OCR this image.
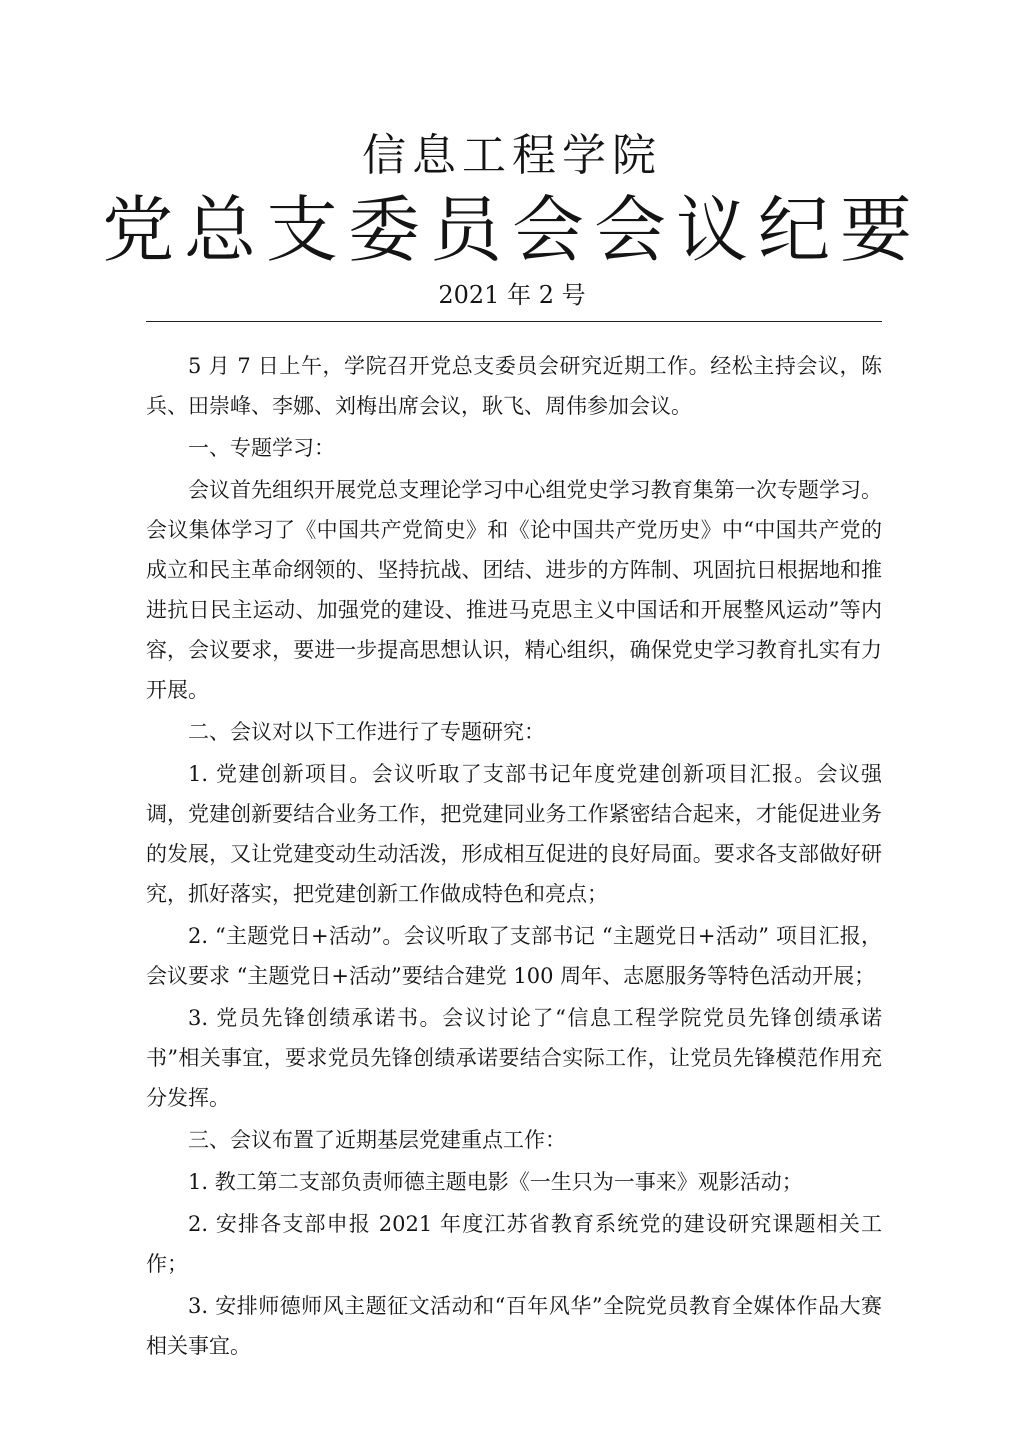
信息工程学院
党总支委员会会议纪要
2021 年 2 号

5 月 7 日上午，学院召开党总支委员会研究近期工作。经松主持会议，陈兵、田崇峰、李娜、刘梅出席会议，耿飞、周伟参加会议。

一、专题学习：

会议首先组织开展党总支理论学习中心组党史学习教育集第一次专题学习。会议集体学习了《中国共产党简史》和《论中国共产党历史》中“中国共产党的成立和民主革命纲领的、坚持抗战、团结、进步的方阵制、巩固抗日根据地和推进抗日民主运动、加强党的建设、推进马克思主义中国话和开展整风运动”等内容，会议要求，要进一步提高思想认识，精心组织，确保党史学习教育扎实有力开展。

二、会议对以下工作进行了专题研究：

1. 党建创新项目。会议听取了支部书记年度党建创新项目汇报。会议强调，党建创新要结合业务工作，把党建同业务工作紧密结合起来，才能促进业务的发展，又让党建变动生动活泼，形成相互促进的良好局面。要求各支部做好研究，抓好落实，把党建创新工作做成特色和亮点；

2. “主题党日+活动”。会议听取了支部书记 “主题党日+活动” 项目汇报，会议要求 “主题党日+活动”要结合建党 100 周年、志愿服务等特色活动开展；

3. 党员先锋创绩承诺书。会议讨论了“信息工程学院党员先锋创绩承诺书”相关事宜，要求党员先锋创绩承诺要结合实际工作，让党员先锋模范作用充分发挥。

三、会议布置了近期基层党建重点工作：

1. 教工第二支部负责师德主题电影《一生只为一事来》观影活动；

2. 安排各支部申报 2021 年度江苏省教育系统党的建设研究课题相关工作；

3. 安排师德师风主题征文活动和“百年风华”全院党员教育全媒体作品大赛相关事宜。
